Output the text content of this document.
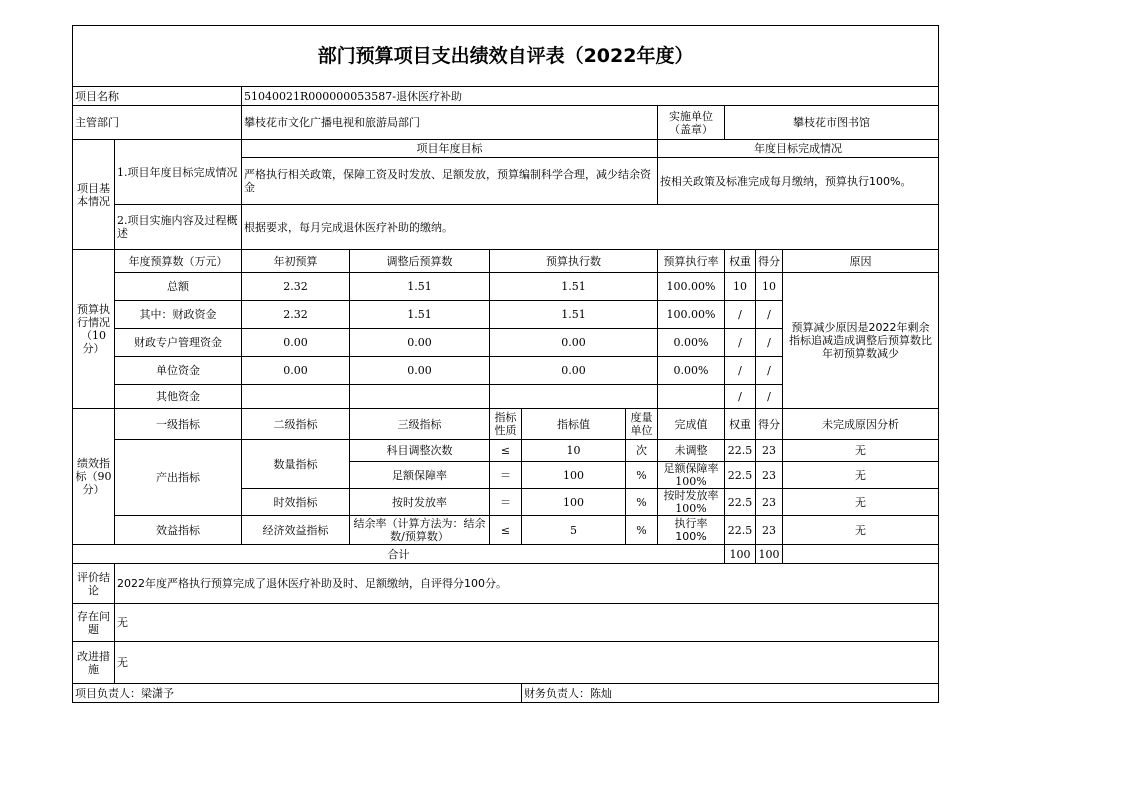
部门预算项目支出绩效自评表（2022年度）										
项目名称		51040021R000000053587-退休医疗补助								
主管部门		攀枝花市文化广播电视和旅游局部门					实施单位（盖章）	攀枝花市图书馆		
项目基本情况	1.项目年度目标完成情况	项目年度目标					年度目标完成情况			
		严格执行相关政策，保障工资及时发放、足额发放，预算编制科学合理，减少结余资金					按相关政策及标准完成每月缴纳，预算执行100%。			
	2.项目实施内容及过程概述	根据要求，每月完成退休医疗补助的缴纳。								
预算执行情况（10分）	年度预算数（万元）	年初预算	调整后预算数	预算执行数			预算执行率	权重	得分	原因
	总额	2.32	1.51	1.51			100.00%	10	10	预算减少原因是2022年剩余指标追减造成调整后预算数比年初预算数减少
	其中：财政资金	2.32	1.51	1.51			100.00%	/	/	
	财政专户管理资金	0.00	0.00	0.00			0.00%	/	/	
	单位资金	0.00	0.00	0.00			0.00%	/	/	
	其他资金							/	/	
绩效指标（90分）	一级指标	二级指标	三级指标	指标性质	指标值	度量单位	完成值	权重	得分	未完成原因分析
	产出指标	数量指标	科目调整次数	≤	10	次	未调整	22.5	23	无
			足额保障率	＝	100	%	足额保障率100%	22.5	23	无
		时效指标	按时发放率	＝	100	%	按时发放率100%	22.5	23	无
	效益指标	经济效益指标	结余率（计算方法为：结余数/预算数）	≤	5	%	执行率100%	22.5	23	无
合计								100	100	
评价结论	2022年度严格执行预算完成了退休医疗补助及时、足额缴纳，自评得分100分。									
存在问题	无									
改进措施	无									
项目负责人：梁潇予					财务负责人：陈灿					
